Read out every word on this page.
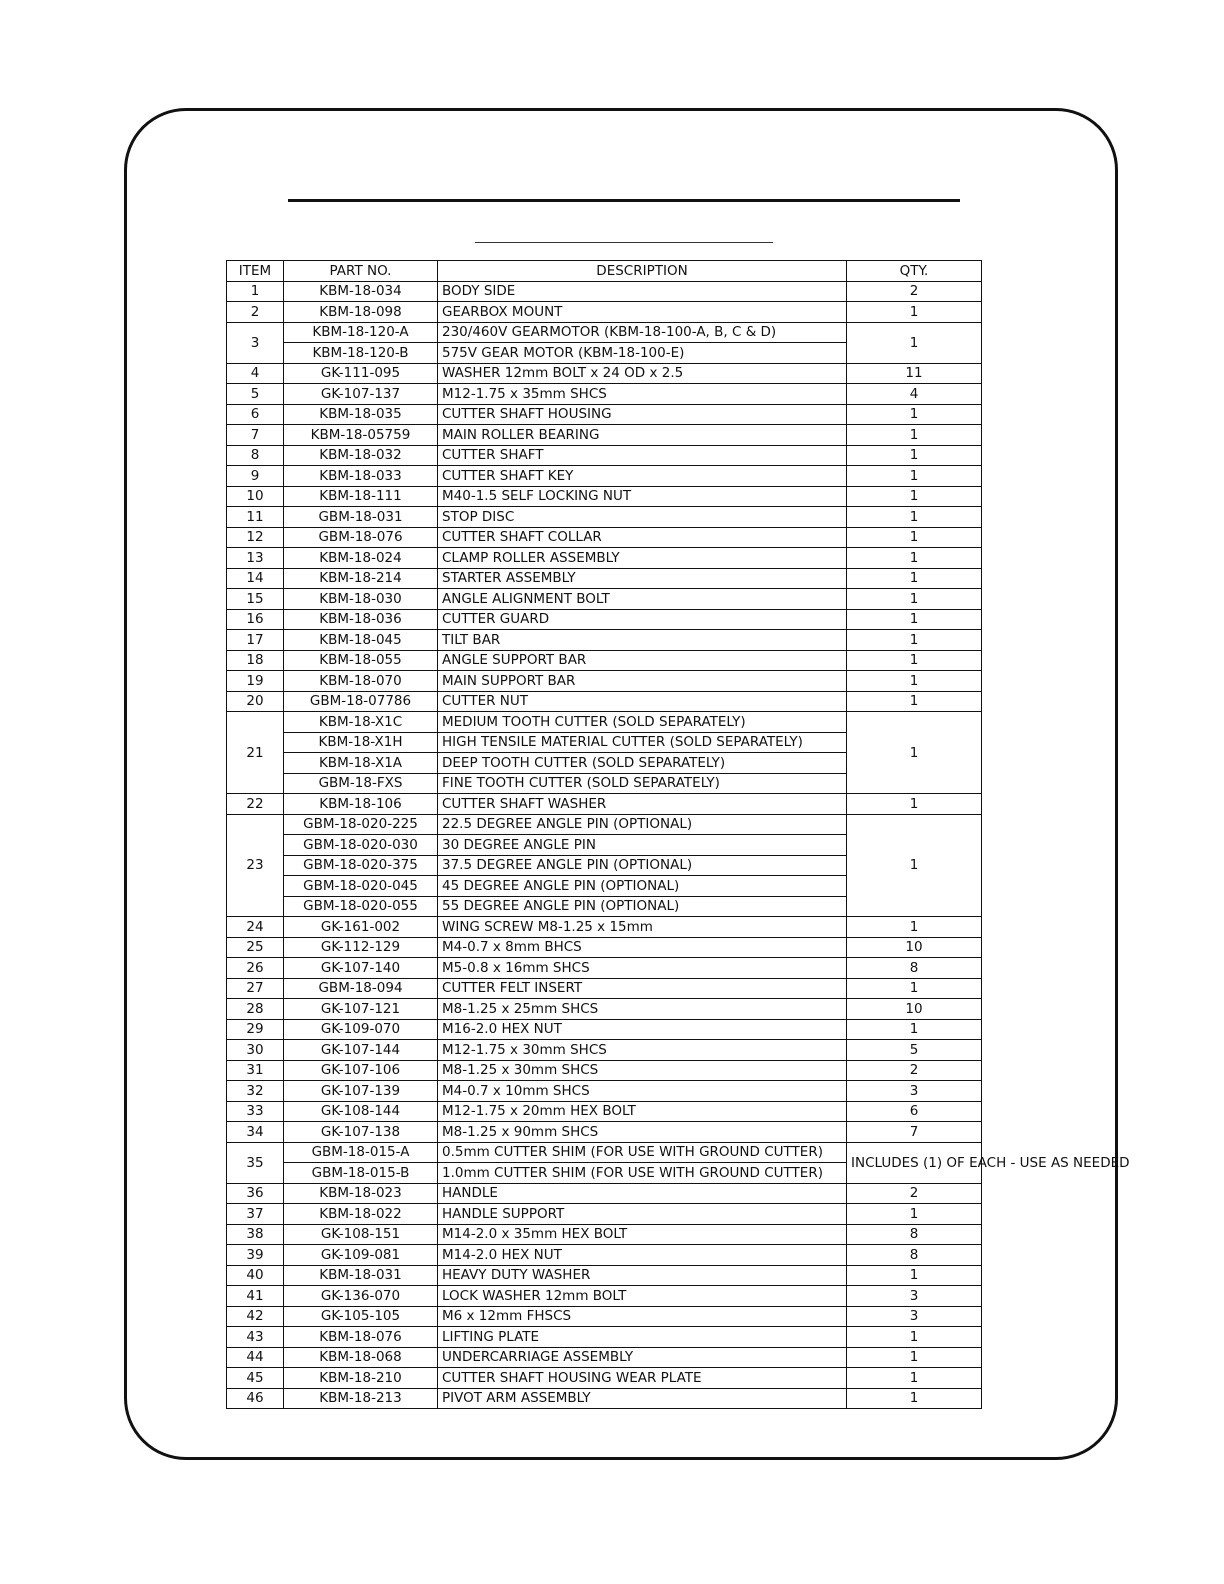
ITEM	PART NO.	DESCRIPTION	QTY.
1	KBM-18-034	BODY SIDE	2
2	KBM-18-098	GEARBOX MOUNT	1
3	KBM-18-120-A	230/460V GEARMOTOR (KBM-18-100-A, B, C & D)	1
	KBM-18-120-B	575V GEAR MOTOR (KBM-18-100-E)	
4	GK-111-095	WASHER 12mm BOLT x 24 OD x 2.5	11
5	GK-107-137	M12-1.75 x 35mm SHCS	4
6	KBM-18-035	CUTTER SHAFT HOUSING	1
7	KBM-18-05759	MAIN ROLLER BEARING	1
8	KBM-18-032	CUTTER SHAFT	1
9	KBM-18-033	CUTTER SHAFT KEY	1
10	KBM-18-111	M40-1.5 SELF LOCKING NUT	1
11	GBM-18-031	STOP DISC	1
12	GBM-18-076	CUTTER SHAFT COLLAR	1
13	KBM-18-024	CLAMP ROLLER ASSEMBLY	1
14	KBM-18-214	STARTER ASSEMBLY	1
15	KBM-18-030	ANGLE ALIGNMENT BOLT	1
16	KBM-18-036	CUTTER GUARD	1
17	KBM-18-045	TILT BAR	1
18	KBM-18-055	ANGLE SUPPORT BAR	1
19	KBM-18-070	MAIN SUPPORT BAR	1
20	GBM-18-07786	CUTTER NUT	1
21	KBM-18-X1C	MEDIUM TOOTH CUTTER (SOLD SEPARATELY)	1
	KBM-18-X1H	HIGH TENSILE MATERIAL CUTTER (SOLD SEPARATELY)	
	KBM-18-X1A	DEEP TOOTH CUTTER (SOLD SEPARATELY)	
	GBM-18-FXS	FINE TOOTH CUTTER (SOLD SEPARATELY)	
22	KBM-18-106	CUTTER SHAFT WASHER	1
23	GBM-18-020-225	22.5 DEGREE ANGLE PIN (OPTIONAL)	1
	GBM-18-020-030	30 DEGREE ANGLE PIN	
	GBM-18-020-375	37.5 DEGREE ANGLE PIN (OPTIONAL)	
	GBM-18-020-045	45 DEGREE ANGLE PIN (OPTIONAL)	
	GBM-18-020-055	55 DEGREE ANGLE PIN (OPTIONAL)	
24	GK-161-002	WING SCREW M8-1.25 x 15mm	1
25	GK-112-129	M4-0.7 x 8mm BHCS	10
26	GK-107-140	M5-0.8 x 16mm SHCS	8
27	GBM-18-094	CUTTER FELT INSERT	1
28	GK-107-121	M8-1.25 x 25mm SHCS	10
29	GK-109-070	M16-2.0 HEX NUT	1
30	GK-107-144	M12-1.75 x 30mm SHCS	5
31	GK-107-106	M8-1.25 x 30mm SHCS	2
32	GK-107-139	M4-0.7 x 10mm SHCS	3
33	GK-108-144	M12-1.75 x 20mm HEX BOLT	6
34	GK-107-138	M8-1.25 x 90mm SHCS	7
35	GBM-18-015-A	0.5mm CUTTER SHIM (FOR USE WITH GROUND CUTTER)	INCLUDES (1) OF EACH - USE AS NEEDED
	GBM-18-015-B	1.0mm CUTTER SHIM (FOR USE WITH GROUND CUTTER)	
36	KBM-18-023	HANDLE	2
37	KBM-18-022	HANDLE SUPPORT	1
38	GK-108-151	M14-2.0 x 35mm HEX BOLT	8
39	GK-109-081	M14-2.0 HEX NUT	8
40	KBM-18-031	HEAVY DUTY WASHER	1
41	GK-136-070	LOCK WASHER 12mm BOLT	3
42	GK-105-105	M6 x 12mm FHSCS	3
43	KBM-18-076	LIFTING PLATE	1
44	KBM-18-068	UNDERCARRIAGE ASSEMBLY	1
45	KBM-18-210	CUTTER SHAFT HOUSING WEAR PLATE	1
46	KBM-18-213	PIVOT ARM ASSEMBLY	1
